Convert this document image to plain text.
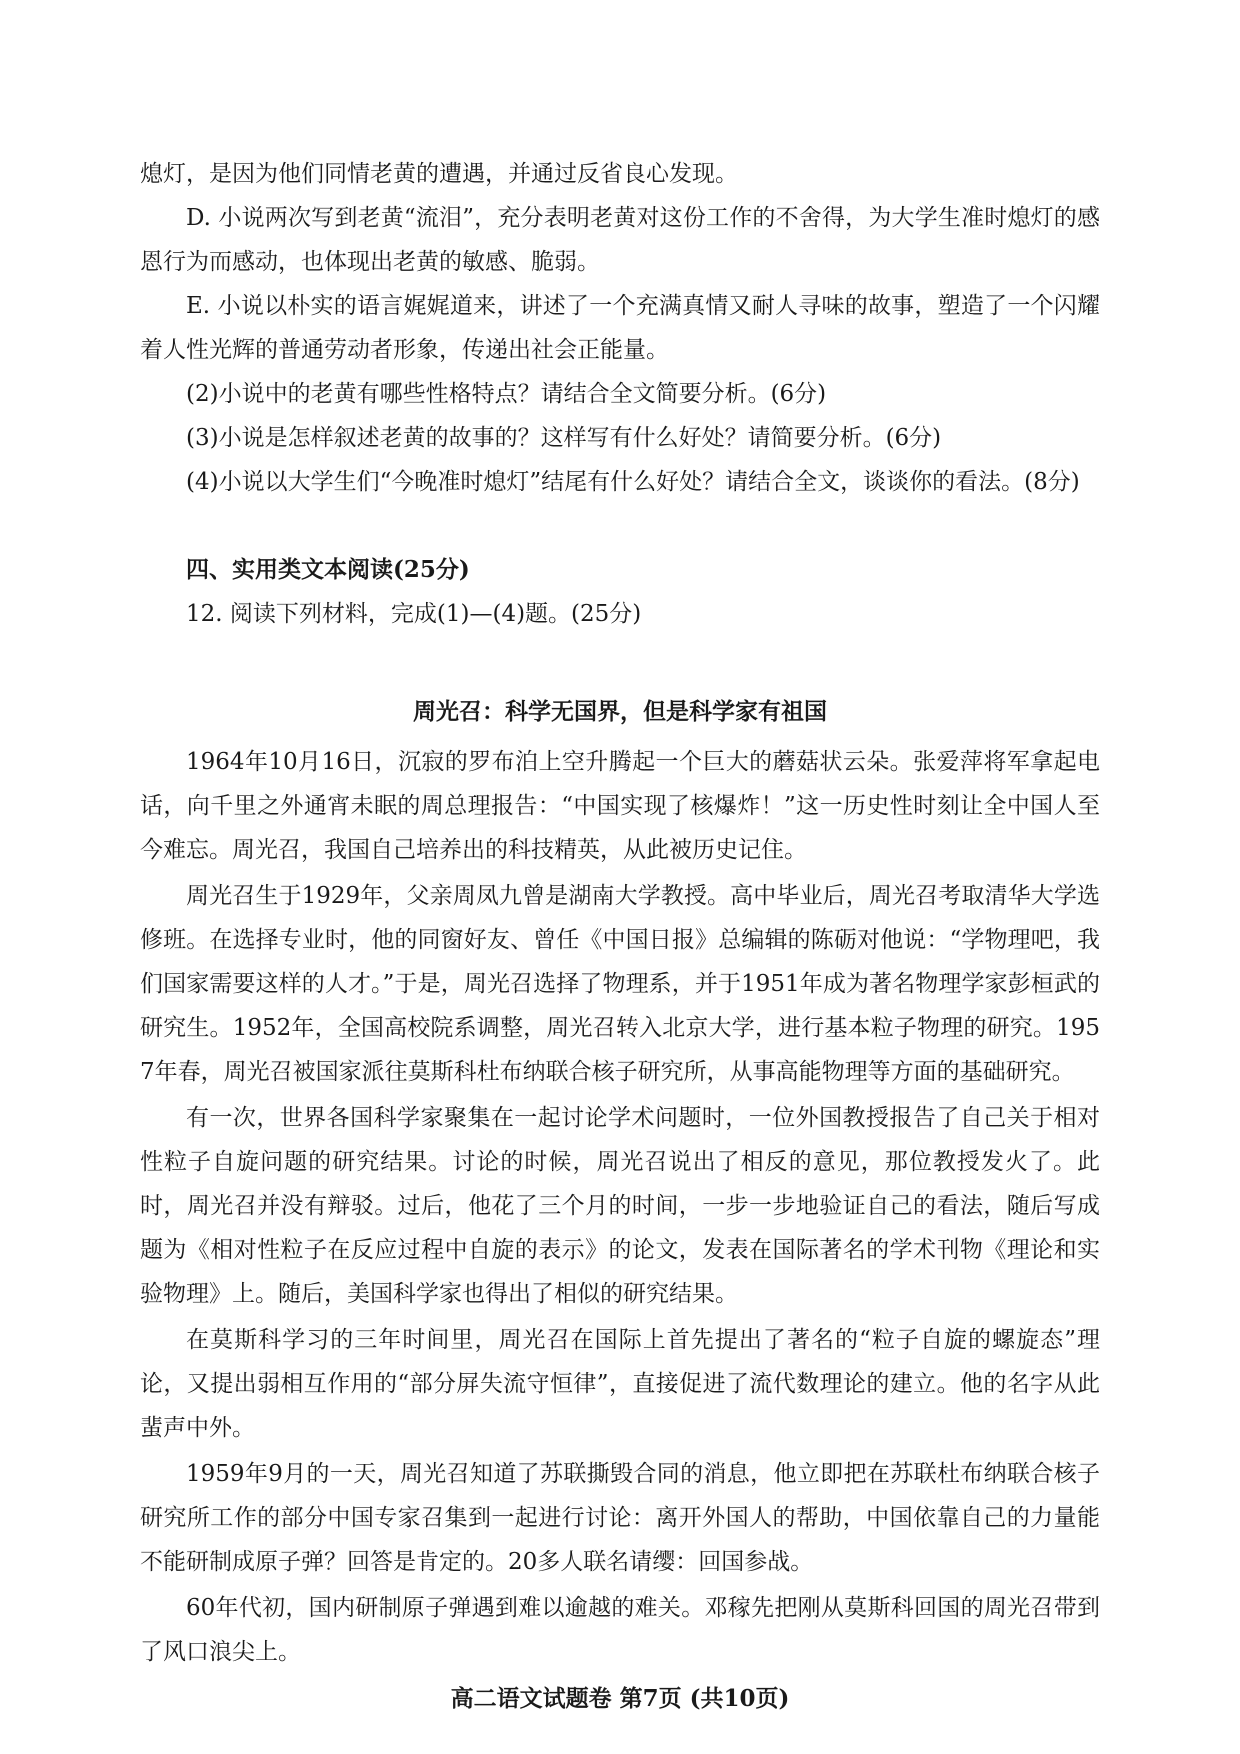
熄灯，是因为他们同情老黄的遭遇，并通过反省良心发现。

D. 小说两次写到老黄“流泪”，充分表明老黄对这份工作的不舍得，为大学生准时熄灯的感恩行为而感动，也体现出老黄的敏感、脆弱。

E. 小说以朴实的语言娓娓道来，讲述了一个充满真情又耐人寻味的故事，塑造了一个闪耀着人性光辉的普通劳动者形象，传递出社会正能量。

(2)小说中的老黄有哪些性格特点？请结合全文简要分析。(6分)

(3)小说是怎样叙述老黄的故事的？这样写有什么好处？请简要分析。(6分)

(4)小说以大学生们“今晚准时熄灯”结尾有什么好处？请结合全文，谈谈你的看法。(8分)

四、实用类文本阅读(25分)

12. 阅读下列材料，完成(1)—(4)题。(25分)

周光召：科学无国界，但是科学家有祖国

1964年10月16日，沉寂的罗布泊上空升腾起一个巨大的蘑菇状云朵。张爱萍将军拿起电话，向千里之外通宵未眠的周总理报告：“中国实现了核爆炸！”这一历史性时刻让全中国人至今难忘。周光召，我国自己培养出的科技精英，从此被历史记住。

周光召生于1929年，父亲周凤九曾是湖南大学教授。高中毕业后，周光召考取清华大学选修班。在选择专业时，他的同窗好友、曾任《中国日报》总编辑的陈砺对他说：“学物理吧，我们国家需要这样的人才。”于是，周光召选择了物理系，并于1951年成为著名物理学家彭桓武的研究生。1952年，全国高校院系调整，周光召转入北京大学，进行基本粒子物理的研究。1957年春，周光召被国家派往莫斯科杜布纳联合核子研究所，从事高能物理等方面的基础研究。

有一次，世界各国科学家聚集在一起讨论学术问题时，一位外国教授报告了自己关于相对性粒子自旋问题的研究结果。讨论的时候，周光召说出了相反的意见，那位教授发火了。此时，周光召并没有辩驳。过后，他花了三个月的时间，一步一步地验证自己的看法，随后写成题为《相对性粒子在反应过程中自旋的表示》的论文，发表在国际著名的学术刊物《理论和实验物理》上。随后，美国科学家也得出了相似的研究结果。

在莫斯科学习的三年时间里，周光召在国际上首先提出了著名的“粒子自旋的螺旋态”理论，又提出弱相互作用的“部分屏失流守恒律”，直接促进了流代数理论的建立。他的名字从此蜚声中外。

1959年9月的一天，周光召知道了苏联撕毁合同的消息，他立即把在苏联杜布纳联合核子研究所工作的部分中国专家召集到一起进行讨论：离开外国人的帮助，中国依靠自己的力量能不能研制成原子弹？回答是肯定的。20多人联名请缨：回国参战。

60年代初，国内研制原子弹遇到难以逾越的难关。邓稼先把刚从莫斯科回国的周光召带到了风口浪尖上。

高二语文试题卷 第7页 (共10页)
